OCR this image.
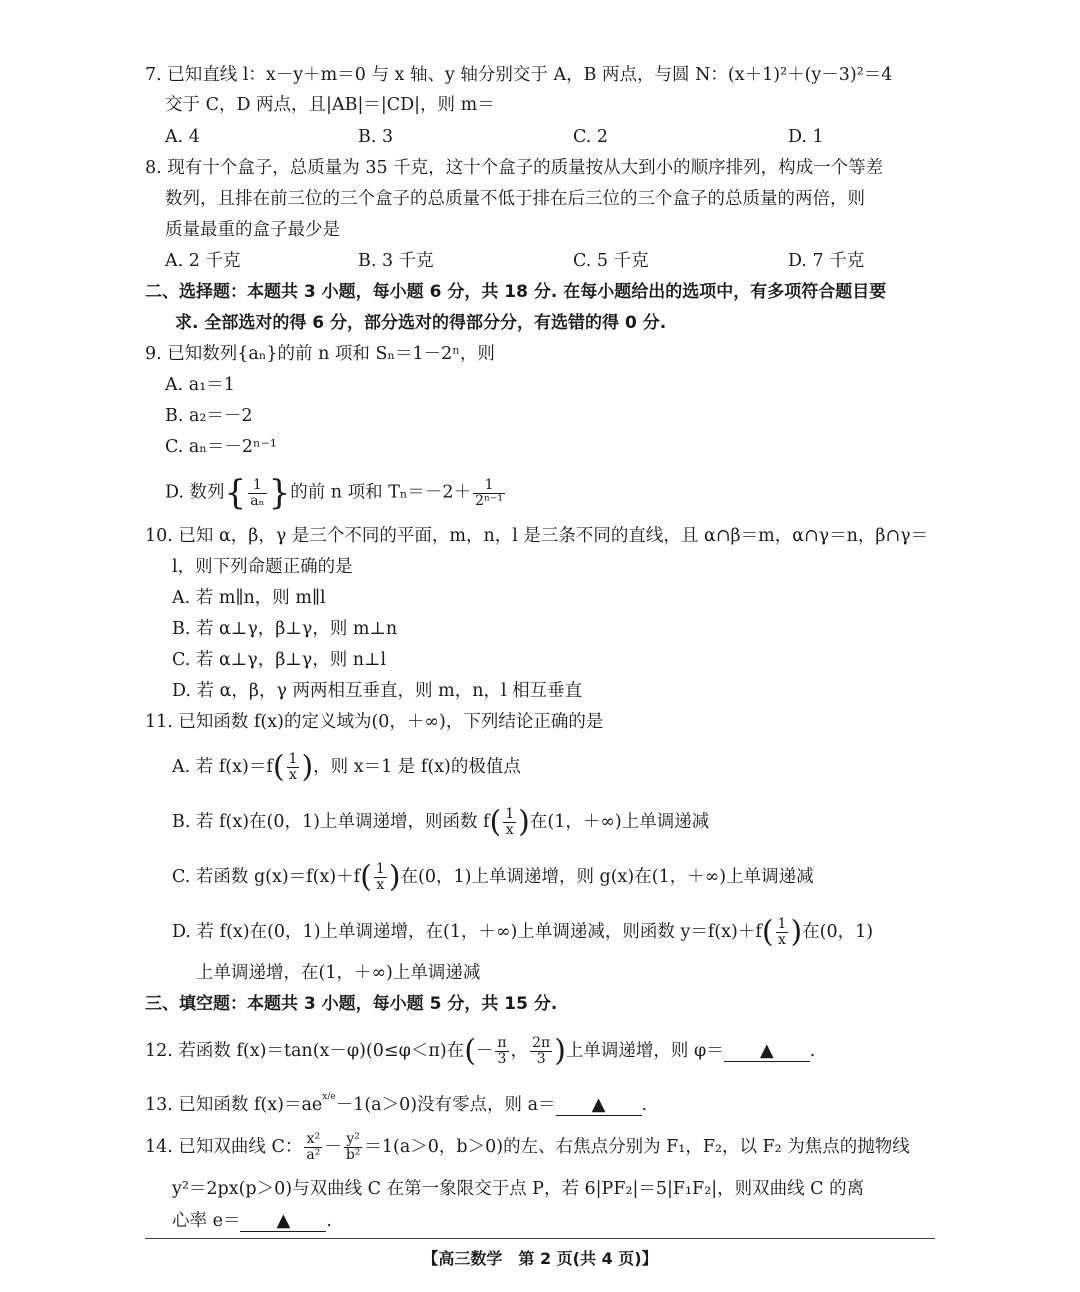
7. 已知直线 l：x－y＋m＝0 与 x 轴、y 轴分别交于 A，B 两点，与圆 N：(x＋1)²＋(y－3)²＝4
交于 C，D 两点，且|AB|＝|CD|，则 m＝
A. 4	B. 3	C. 2	D. 1
8. 现有十个盒子，总质量为 35 千克，这十个盒子的质量按从大到小的顺序排列，构成一个等差
数列，且排在前三位的三个盒子的总质量不低于排在后三位的三个盒子的总质量的两倍，则
质量最重的盒子最少是
A. 2 千克	B. 3 千克	C. 5 千克	D. 7 千克
二、选择题：本题共 3 小题，每小题 6 分，共 18 分. 在每小题给出的选项中，有多项符合题目要
求. 全部选对的得 6 分，部分选对的得部分分，有选错的得 0 分.
9. 已知数列{aₙ}的前 n 项和 Sₙ＝1－2ⁿ，则
A. a₁＝1
B. a₂＝－2
C. aₙ＝－2ⁿ⁻¹
D. 数列{ $\frac{1}{\text{aₙ}}$ }的前 n 项和 $T_n=-2+ \frac{1}{\text{2ⁿ⁻¹}}$
10. 已知 α，β，γ 是三个不同的平面，m，n，l 是三条不同的直线，且 α∩β＝m，α∩γ＝n，β∩γ＝
l，则下列命题正确的是
A. 若 m∥n，则 m∥l
B. 若 α⊥γ，β⊥γ，则 m⊥n
C. 若 α⊥γ，β⊥γ，则 n⊥l
D. 若 α，β，γ 两两相互垂直，则 m，n，l 相互垂直
11. 已知函数 f(x)的定义域为(0，＋∞)，下列结论正确的是
A. 若 $f(x)=f( \frac{1}{x}$ )，则 x＝1 是 f(x)的极值点
B. 若 f(x)在(0，1)上单调递增，则函数 $f( \frac{1}{x}$ )在(1，＋∞)上单调递减
C. 若函数 $g(x)=f(x)+f( \frac{1}{x}$ )在(0，1)上单调递增，则 g(x)在(1，＋∞)上单调递减
D. 若 f(x)在(0，1)上单调递增，在(1，＋∞)上单调递减，则函数 $y=f(x)+f( \frac{1}{x}$ )在(0，1)
上单调递增，在(1，＋∞)上单调递减
三、填空题：本题共 3 小题，每小题 5 分，共 15 分.
12. 若函数 f(x)＝tan(x－φ)(0≤φ＜π)在(－ $\frac{\pi}{3}$ ， $\frac{2\pi}{3}$ )上单调递增，则 φ＝ ▲ .
13. 已知函数 $f(x)=ae^{x/e}-1(a>0)$没有零点，则 a＝ ▲ .
14. 已知双曲线 C： $\frac{\text{x²}}{\text{a²}} - \frac{\text{y²}}{\text{b²}} =1(a>0$，b＞0)的左、右焦点分别为 F₁，F₂，以 F₂ 为焦点的抛物线
y²＝2px(p＞0)与双曲线 C 在第一象限交于点 P，若 6|PF₂|＝5|F₁F₂|，则双曲线 C 的离
心率 e＝ ▲ .
【高三数学　第 2 页(共 4 页)】
